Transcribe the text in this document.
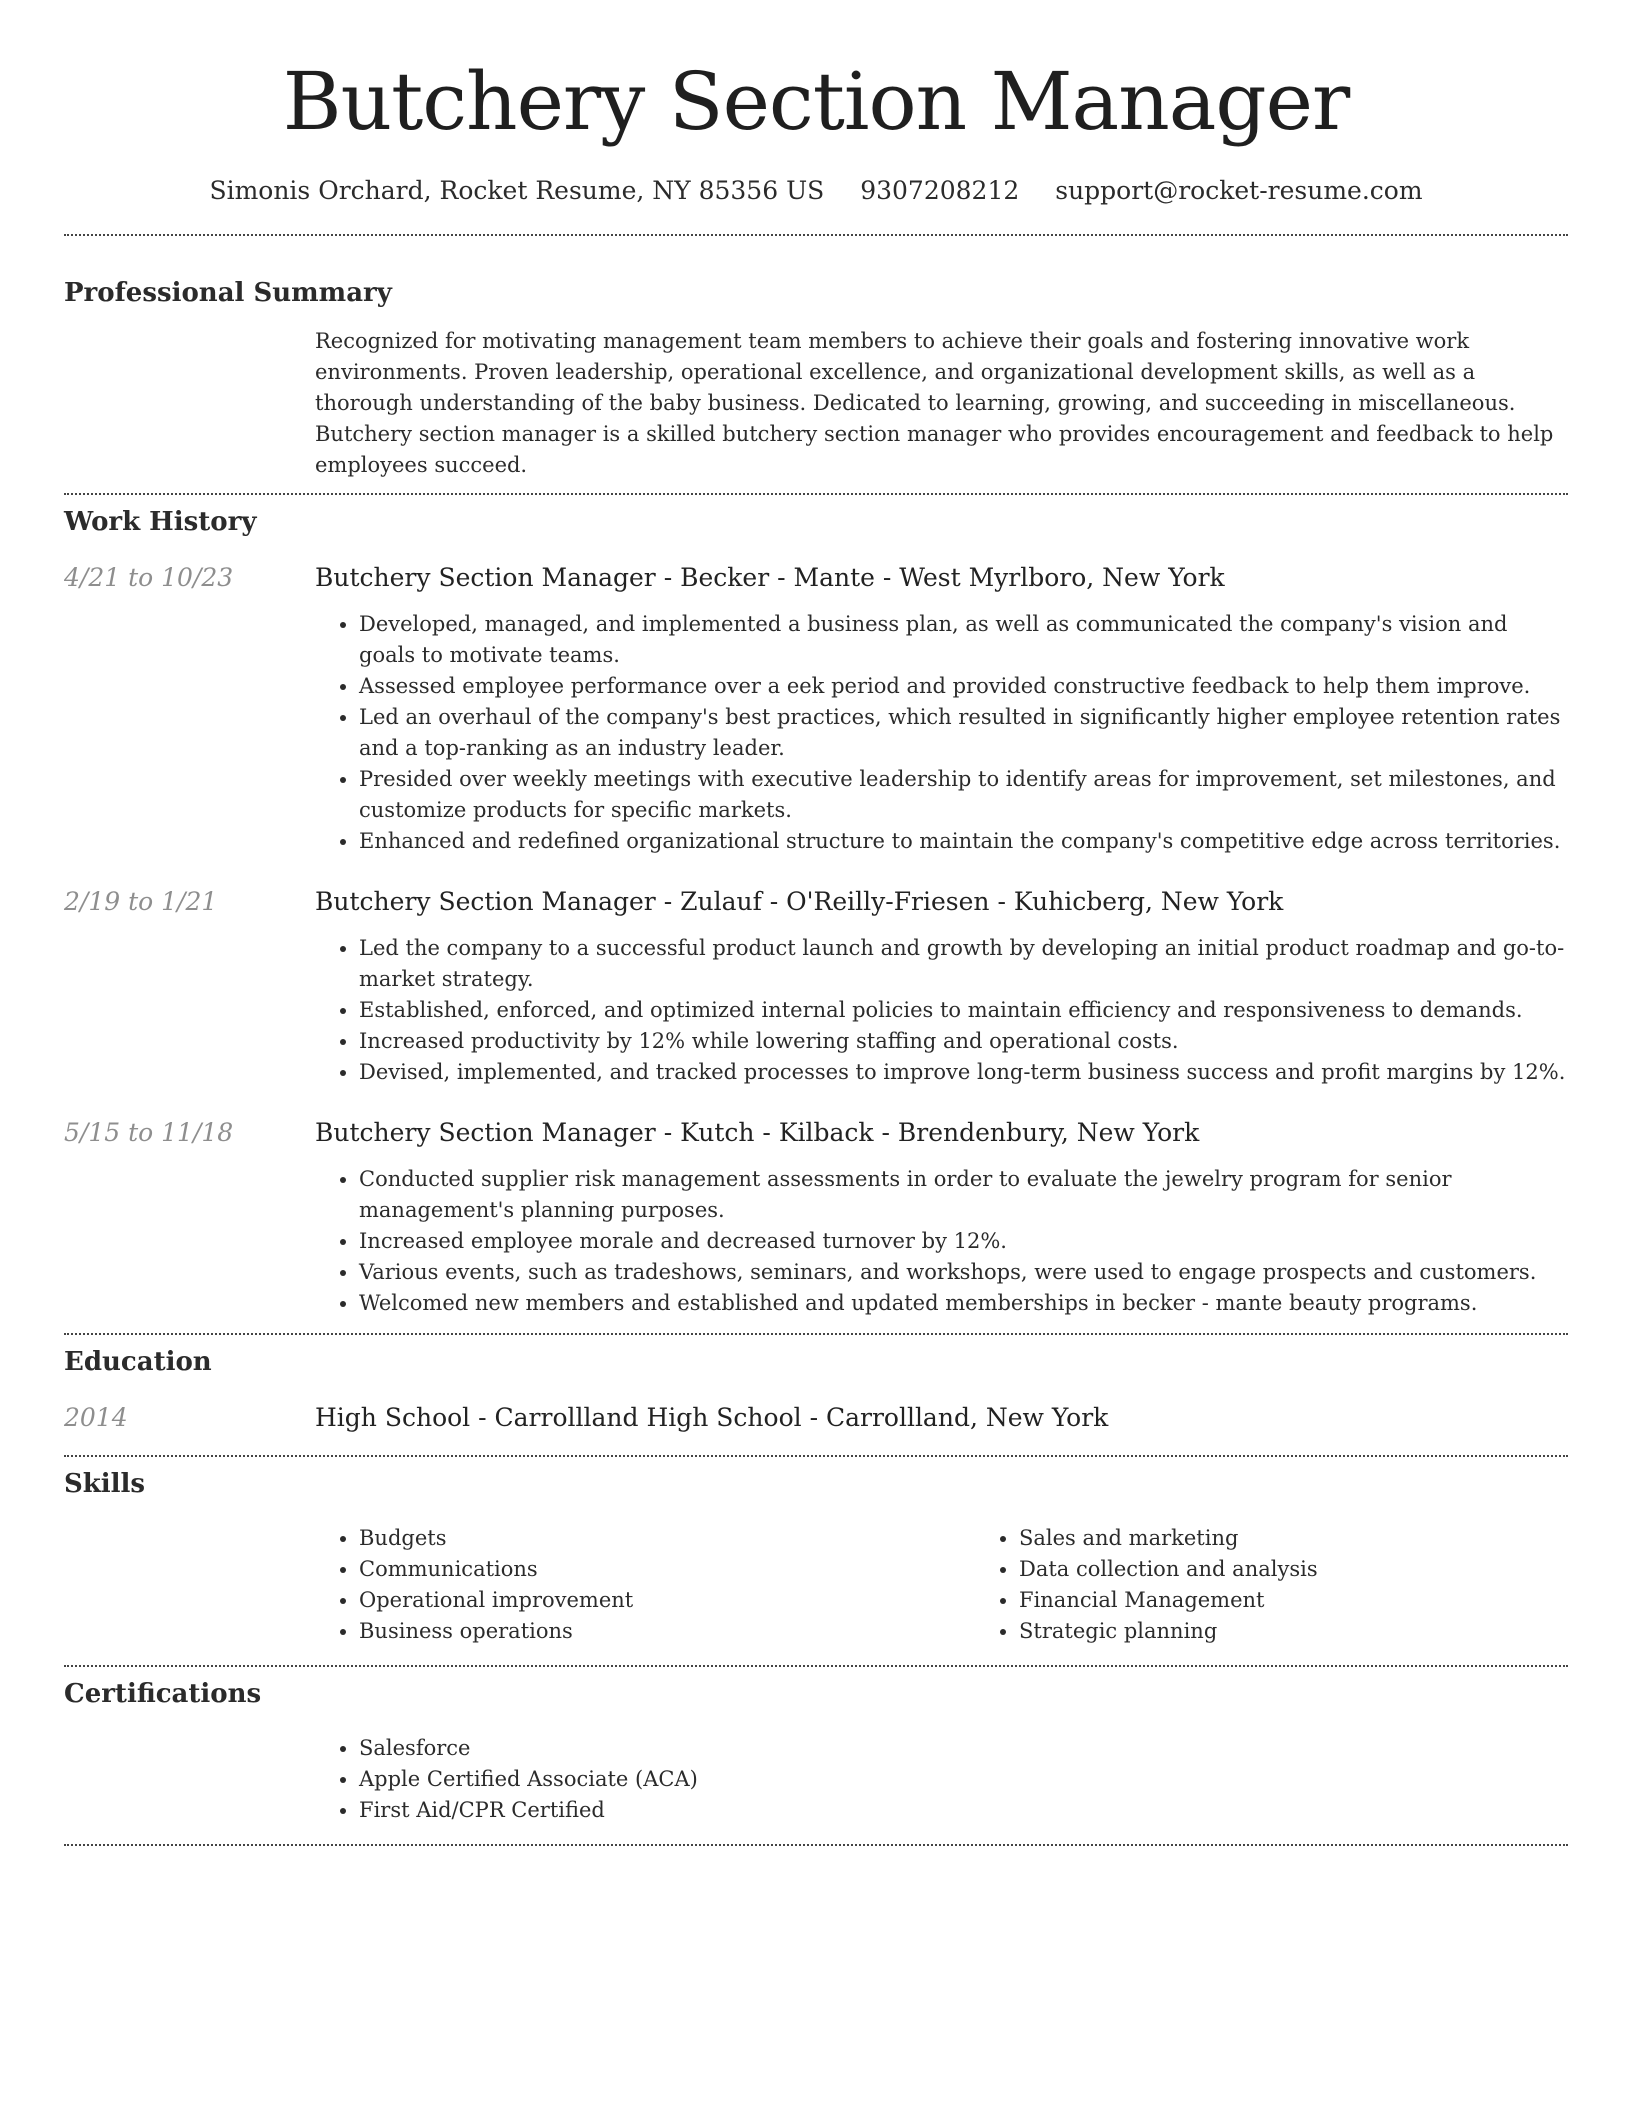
Butchery Section Manager
Simonis Orchard, Rocket Resume, NY 85356 US 9307208212 support@rocket-resume.com
Professional Summary

Recognized for motivating management team members to achieve their goals and fostering innovative work environments. Proven leadership, operational excellence, and organizational development skills, as well as a thorough understanding of the baby business. Dedicated to learning, growing, and succeeding in miscellaneous. Butchery section manager is a skilled butchery section manager who provides encouragement and feedback to help employees succeed.

Work History
4/21 to 10/23	Butchery Section Manager - Becker - Mante - West Myrlboro, New York

• Developed, managed, and implemented a business plan, as well as communicated the company's vision and goals to motivate teams.
• Assessed employee performance over a eek period and provided constructive feedback to help them improve.
• Led an overhaul of the company's best practices, which resulted in significantly higher employee retention rates and a top-ranking as an industry leader.
• Presided over weekly meetings with executive leadership to identify areas for improvement, set milestones, and customize products for specific markets.
• Enhanced and redefined organizational structure to maintain the company's competitive edge across territories.
2/19 to 1/21	Butchery Section Manager - Zulauf - O'Reilly-Friesen - Kuhicberg, New York

• Led the company to a successful product launch and growth by developing an initial product roadmap and go-to-market strategy.
• Established, enforced, and optimized internal policies to maintain efficiency and responsiveness to demands.
• Increased productivity by 12% while lowering staffing and operational costs.
• Devised, implemented, and tracked processes to improve long-term business success and profit margins by 12%.
5/15 to 11/18	Butchery Section Manager - Kutch - Kilback - Brendenbury, New York

• Conducted supplier risk management assessments in order to evaluate the jewelry program for senior management's planning purposes.
• Increased employee morale and decreased turnover by 12%.
• Various events, such as tradeshows, seminars, and workshops, were used to engage prospects and customers.
• Welcomed new members and established and updated memberships in becker - mante beauty programs.
Education
2014	High School - Carrollland High School - Carrollland, New York

Skills
• Budgets
• Communications
• Operational improvement
• Business operations
• Sales and marketing
• Data collection and analysis
• Financial Management
• Strategic planning
Certifications
• Salesforce
• Apple Certified Associate (ACA)
• First Aid/CPR Certified
